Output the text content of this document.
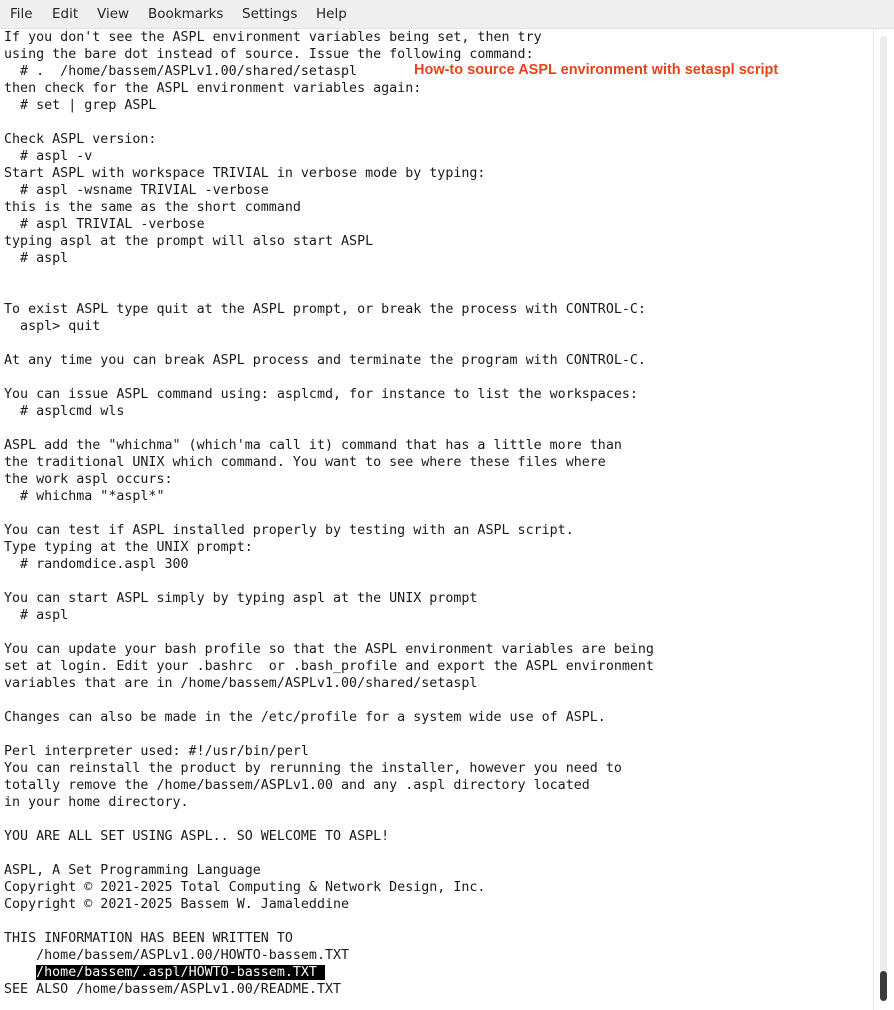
File Edit View Bookmarks Settings Help
If you don't see the ASPL environment variables being set, then try
using the bare dot instead of source. Issue the following command:
# .  /home/bassem/ASPLv1.00/shared/setaspl
then check for the ASPL environment variables again:
# set | grep ASPL
Check ASPL version:
# aspl -v
Start ASPL with workspace TRIVIAL in verbose mode by typing:
# aspl -wsname TRIVIAL -verbose
this is the same as the short command
# aspl TRIVIAL -verbose
typing aspl at the prompt will also start ASPL
# aspl
To exist ASPL type quit at the ASPL prompt, or break the process with CONTROL-C:
aspl> quit
At any time you can break ASPL process and terminate the program with CONTROL-C.
You can issue ASPL command using: asplcmd, for instance to list the workspaces:
# asplcmd wls
ASPL add the "whichma" (which'ma call it) command that has a little more than
the traditional UNIX which command. You want to see where these files where
the work aspl occurs:
# whichma "*aspl*"
You can test if ASPL installed properly by testing with an ASPL script.
Type typing at the UNIX prompt:
# randomdice.aspl 300
You can start ASPL simply by typing aspl at the UNIX prompt
# aspl
You can update your bash profile so that the ASPL environment variables are being
set at login. Edit your .bashrc  or .bash_profile and export the ASPL environment
variables that are in /home/bassem/ASPLv1.00/shared/setaspl
Changes can also be made in the /etc/profile for a system wide use of ASPL.
Perl interpreter used: #!/usr/bin/perl
You can reinstall the product by rerunning the installer, however you need to
totally remove the /home/bassem/ASPLv1.00 and any .aspl directory located
in your home directory.
YOU ARE ALL SET USING ASPL.. SO WELCOME TO ASPL!
ASPL, A Set Programming Language
Copyright © 2021-2025 Total Computing & Network Design, Inc.
Copyright © 2021-2025 Bassem W. Jamaleddine
THIS INFORMATION HAS BEEN WRITTEN TO
/home/bassem/ASPLv1.00/HOWTO-bassem.TXT
/home/bassem/.aspl/HOWTO-bassem.TXT
SEE ALSO /home/bassem/ASPLv1.00/README.TXT
How-to source ASPL environment with setaspl script
